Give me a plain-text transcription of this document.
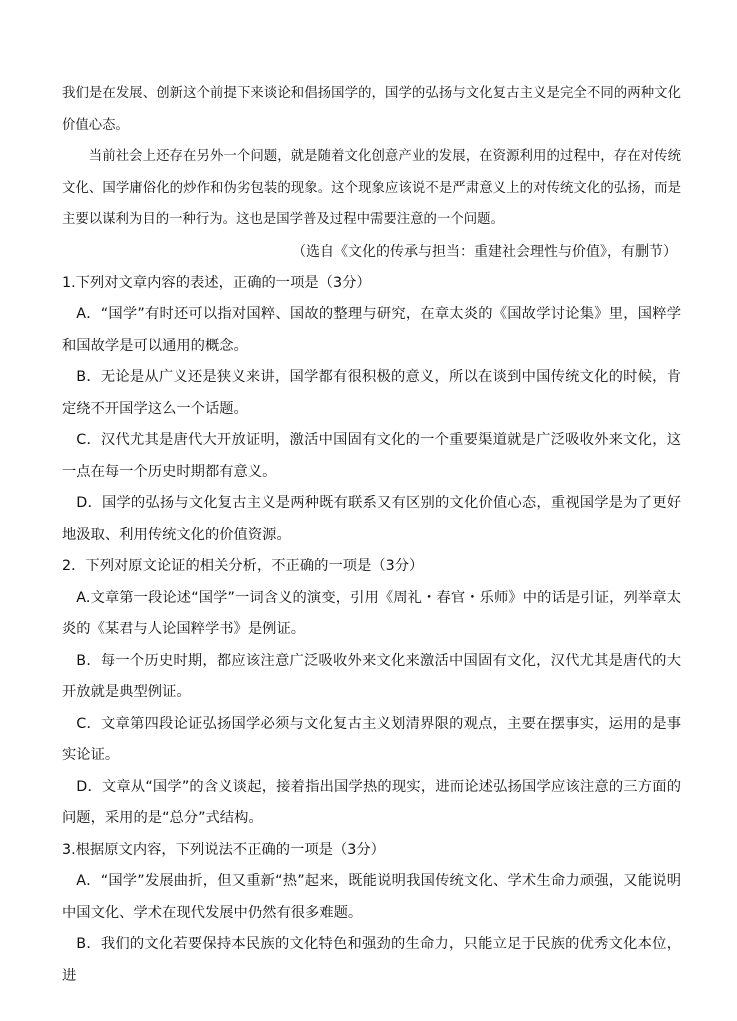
我们是在发展、创新这个前提下来谈论和倡扬国学的，国学的弘扬与文化复古主义是完全不同的两种文化价值心态。

当前社会上还存在另外一个问题，就是随着文化创意产业的发展，在资源利用的过程中，存在对传统文化、国学庸俗化的炒作和伪劣包装的现象。这个现象应该说不是严肃意义上的对传统文化的弘扬，而是主要以谋利为目的一种行为。这也是国学普及过程中需要注意的一个问题。

（选自《文化的传承与担当：重建社会理性与价值》，有删节）

1.下列对文章内容的表述，正确的一项是（3分）

A．“国学”有时还可以指对国粹、国故的整理与研究，在章太炎的《国故学讨论集》里，国粹学和国故学是可以通用的概念。

B．无论是从广义还是狭义来讲，国学都有很积极的意义，所以在谈到中国传统文化的时候，肯定绕不开国学这么一个话题。

C．汉代尤其是唐代大开放证明，激活中国固有文化的一个重要渠道就是广泛吸收外来文化，这一点在每一个历史时期都有意义。

D．国学的弘扬与文化复古主义是两种既有联系又有区别的文化价值心态，重视国学是为了更好地汲取、利用传统文化的价值资源。

2．下列对原文论证的相关分析，不正确的一项是（3分）

A.文章第一段论述“国学”一词含义的演变，引用《周礼・春官・乐师》中的话是引证，列举章太炎的《某君与人论国粹学书》是例证。

B．每一个历史时期，都应该注意广泛吸收外来文化来激活中国固有文化，汉代尤其是唐代的大开放就是典型例证。

C．文章第四段论证弘扬国学必须与文化复古主义划清界限的观点，主要在摆事实，运用的是事实论证。

D．文章从“国学”的含义谈起，接着指出国学热的现实，进而论述弘扬国学应该注意的三方面的问题，采用的是“总分”式结构。

3.根据原文内容，下列说法不正确的一项是（3分）

A．“国学”发展曲折，但又重新“热”起来，既能说明我国传统文化、学术生命力顽强，又能说明中国文化、学术在现代发展中仍然有很多难题。

B．我们的文化若要保持本民族的文化特色和强劲的生命力，只能立足于民族的优秀文化本位，进
